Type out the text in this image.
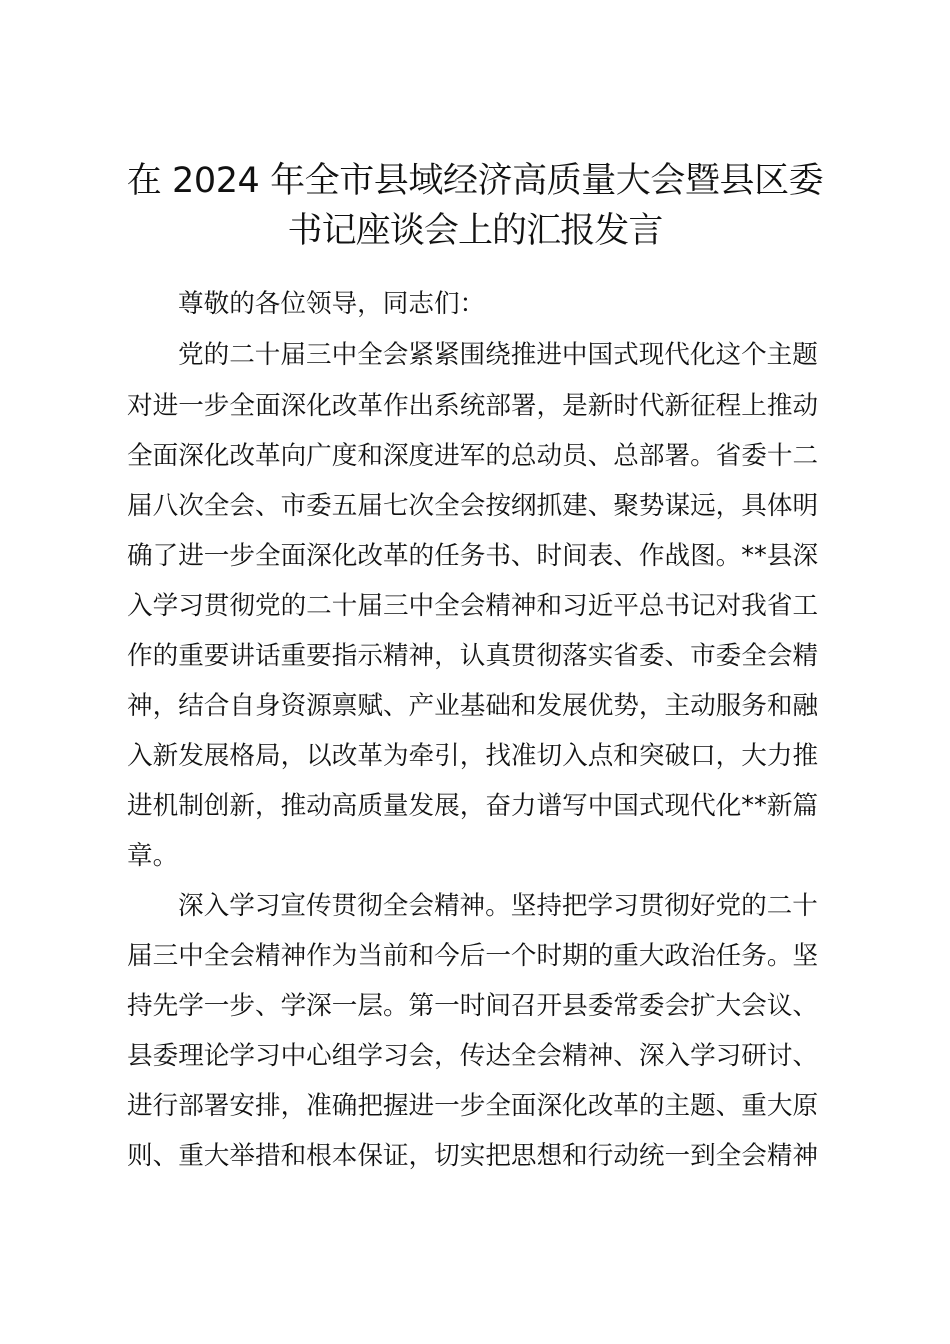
在 2024 年全市县域经济高质量大会暨县区委
书记座谈会上的汇报发言

尊敬的各位领导，同志们：

党的二十届三中全会紧紧围绕推进中国式现代化这个主题

对进一步全面深化改革作出系统部署，是新时代新征程上推动

全面深化改革向广度和深度进军的总动员、总部署。省委十二

届八次全会、市委五届七次全会按纲抓建、聚势谋远，具体明

确了进一步全面深化改革的任务书、时间表、作战图。**县深

入学习贯彻党的二十届三中全会精神和习近平总书记对我省工

作的重要讲话重要指示精神，认真贯彻落实省委、市委全会精

神，结合自身资源禀赋、产业基础和发展优势，主动服务和融

入新发展格局，以改革为牵引，找准切入点和突破口，大力推

进机制创新，推动高质量发展，奋力谱写中国式现代化**新篇

章。

深入学习宣传贯彻全会精神。坚持把学习贯彻好党的二十

届三中全会精神作为当前和今后一个时期的重大政治任务。坚

持先学一步、学深一层。第一时间召开县委常委会扩大会议、

县委理论学习中心组学习会，传达全会精神、深入学习研讨、

进行部署安排，准确把握进一步全面深化改革的主题、重大原

则、重大举措和根本保证，切实把思想和行动统一到全会精神
